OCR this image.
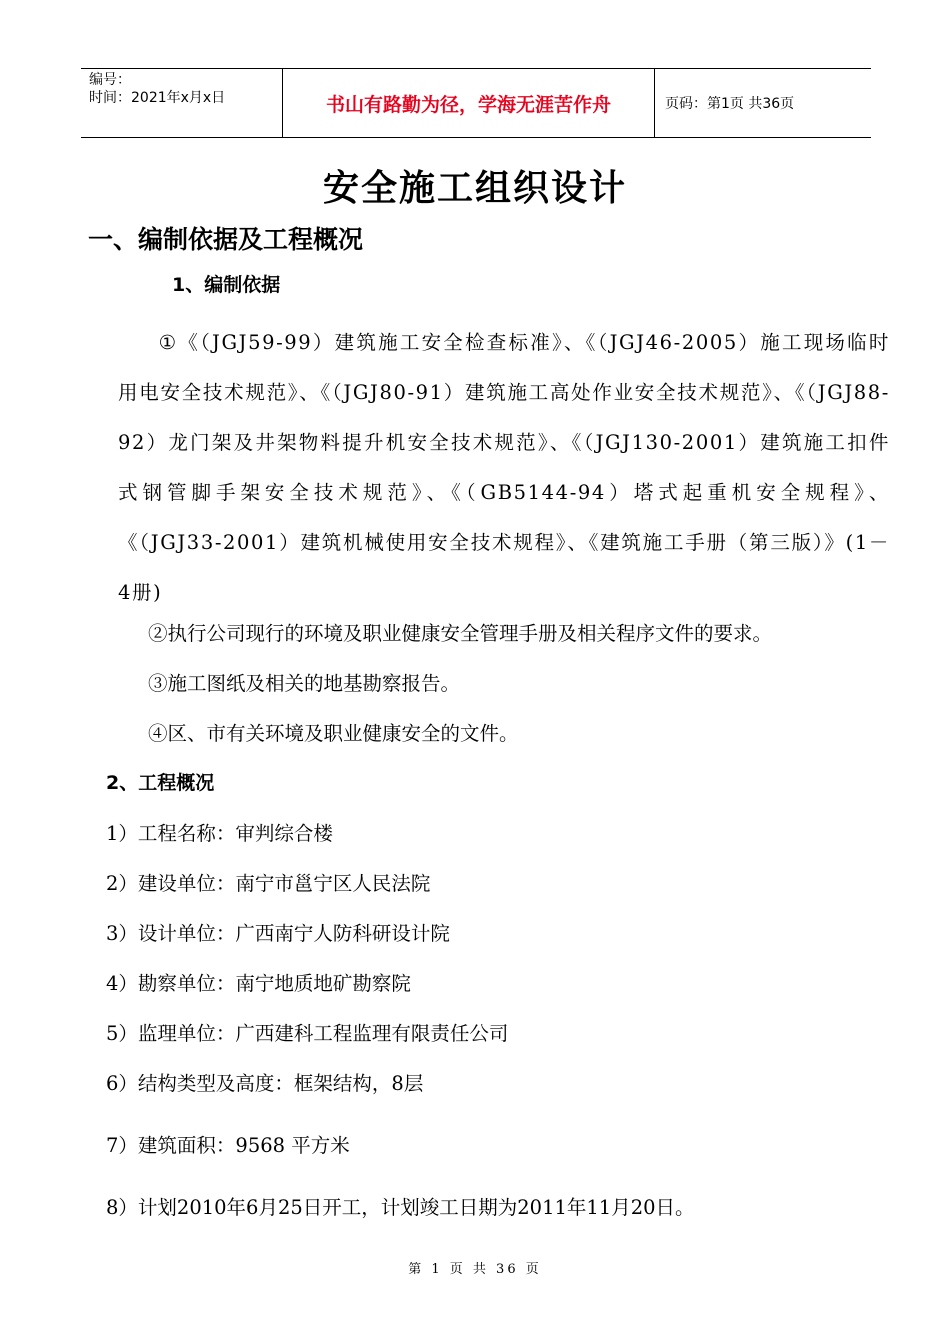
编号：
时间：2021年x月x日	书山有路勤为径，学海无涯苦作舟	页码：第1页 共36页
安全施工组织设计
一、编制依据及工程概况
1、编制依据
①《（JGJ59-99）建筑施工安全检查标准》、《（JGJ46-2005）施工现场临时用电安全技术规范》、《（JGJ80-91）建筑施工高处作业安全技术规范》、《（JGJ88-92）龙门架及井架物料提升机安全技术规范》、《（JGJ130-2001）建筑施工扣件式钢管脚手架安全技术规范》、《（GB5144-94）塔式起重机安全规程》、《（JGJ33-2001）建筑机械使用安全技术规程》、《建筑施工手册（第三版）》(1－4册)
②执行公司现行的环境及职业健康安全管理手册及相关程序文件的要求。
③施工图纸及相关的地基勘察报告。
④区、市有关环境及职业健康安全的文件。
2、工程概况
1）工程名称：审判综合楼
2）建设单位：南宁市邕宁区人民法院
3）设计单位：广西南宁人防科研设计院
4）勘察单位：南宁地质地矿勘察院
5）监理单位：广西建科工程监理有限责任公司
6）结构类型及高度：框架结构，8层
7）建筑面积：9568 平方米
8）计划2010年6月25日开工，计划竣工日期为2011年11月20日。
第 1 页 共 36 页
